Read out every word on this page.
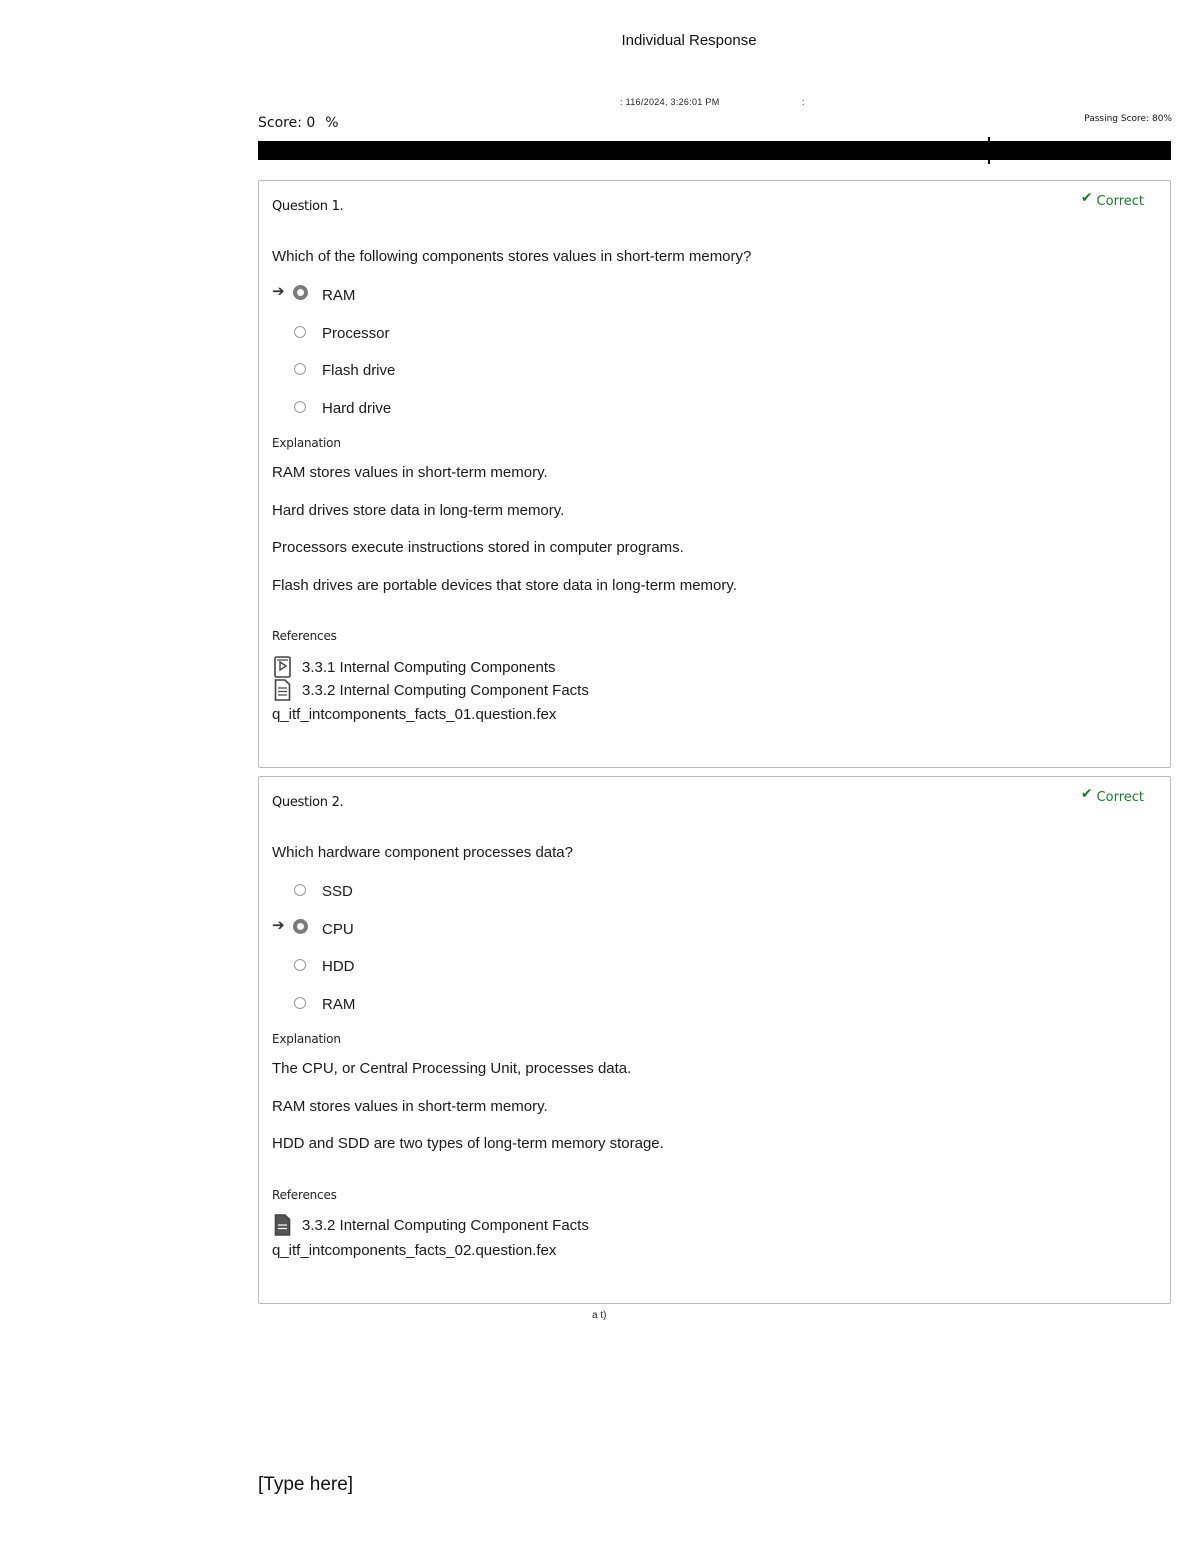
Individual Response
: 116/2024, 3:26:01 PM	:
Score: 0 %	Passing Score: 80%
Question 1.
✔ Correct
Which of the following components stores values in short-term memory?
➔ RAM
Processor
Flash drive
Hard drive
Explanation

RAM stores values in short-term memory.

Hard drives store data in long-term memory.

Processors execute instructions stored in computer programs.

Flash drives are portable devices that store data in long-term memory.

References
3.3.1 Internal Computing Components
3.3.2 Internal Computing Component Facts
q_itf_intcomponents_facts_01.question.fex
Question 2.
✔ Correct
Which hardware component processes data?
SSD
➔ CPU
HDD
RAM
Explanation

The CPU, or Central Processing Unit, processes data.

RAM stores values in short-term memory.

HDD and SDD are two types of long-term memory storage.

References
3.3.2 Internal Computing Component Facts
q_itf_intcomponents_facts_02.question.fex
a t)
[Type here]
